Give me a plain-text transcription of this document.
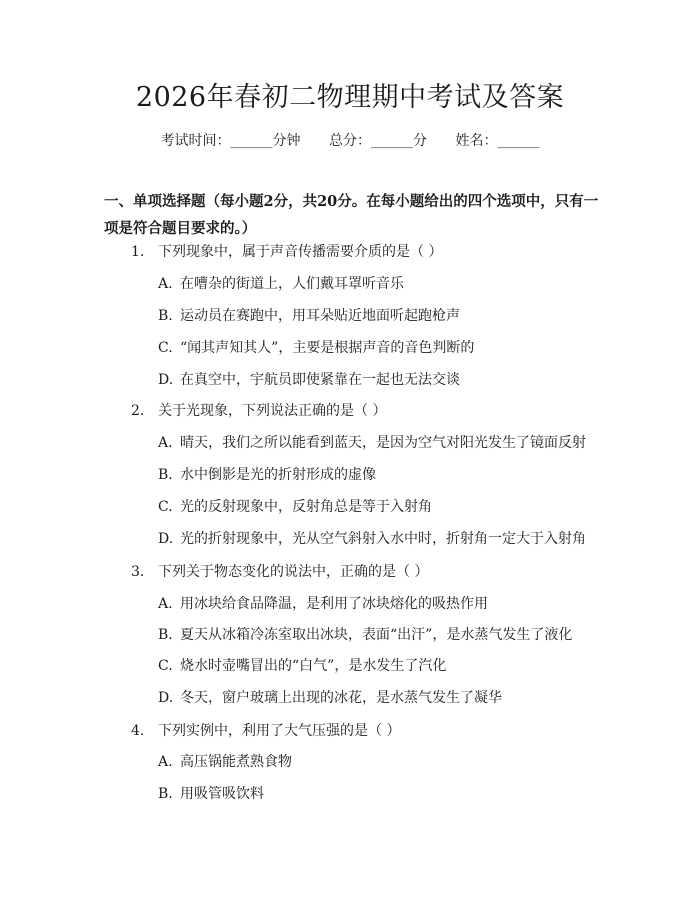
2026年春初二物理期中考试及答案
考试时间：______分钟 总分：______分 姓名：______
一、单项选择题（每小题2分，共20分。在每小题给出的四个选项中，只有一项是符合题目要求的。）
1. 下列现象中，属于声音传播需要介质的是（ ）
A. 在嘈杂的街道上，人们戴耳罩听音乐
B. 运动员在赛跑中，用耳朵贴近地面听起跑枪声
C. “闻其声知其人”，主要是根据声音的音色判断的
D. 在真空中，宇航员即使紧靠在一起也无法交谈
2. 关于光现象，下列说法正确的是（ ）
A. 晴天，我们之所以能看到蓝天，是因为空气对阳光发生了镜面反射
B. 水中倒影是光的折射形成的虚像
C. 光的反射现象中，反射角总是等于入射角
D. 光的折射现象中，光从空气斜射入水中时，折射角一定大于入射角
3. 下列关于物态变化的说法中，正确的是（ ）
A. 用冰块给食品降温，是利用了冰块熔化的吸热作用
B. 夏天从冰箱冷冻室取出冰块，表面“出汗”，是水蒸气发生了液化
C. 烧水时壶嘴冒出的“白气”，是水发生了汽化
D. 冬天，窗户玻璃上出现的冰花，是水蒸气发生了凝华
4. 下列实例中，利用了大气压强的是（ ）
A. 高压锅能煮熟食物
B. 用吸管吸饮料
